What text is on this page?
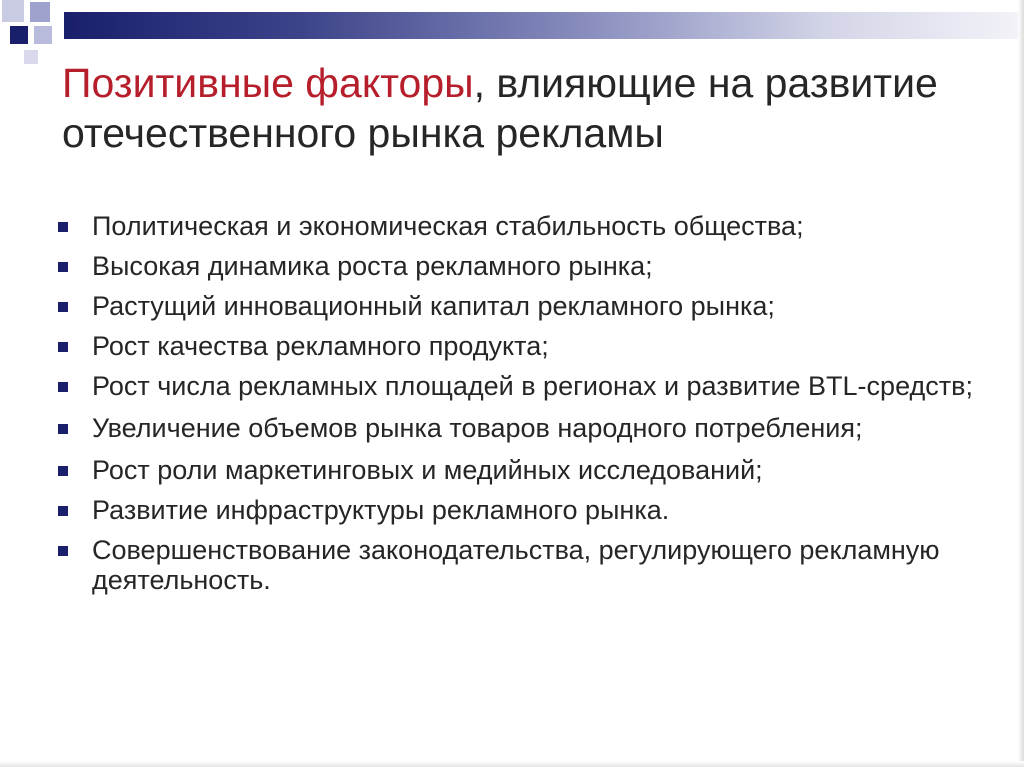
Позитивные факторы, влияющие на развитие отечественного рынка рекламы
Политическая и экономическая стабильность общества;
Высокая динамика роста рекламного рынка;
Растущий инновационный капитал рекламного рынка;
Рост качества рекламного продукта;
Рост числа рекламных площадей в регионах и развитие BTL-средств;
Увеличение объемов рынка товаров народного потребления;
Рост роли маркетинговых и медийных исследований;
Развитие инфраструктуры рекламного рынка.
Совершенствование законодательства, регулирующего рекламную деятельность.
